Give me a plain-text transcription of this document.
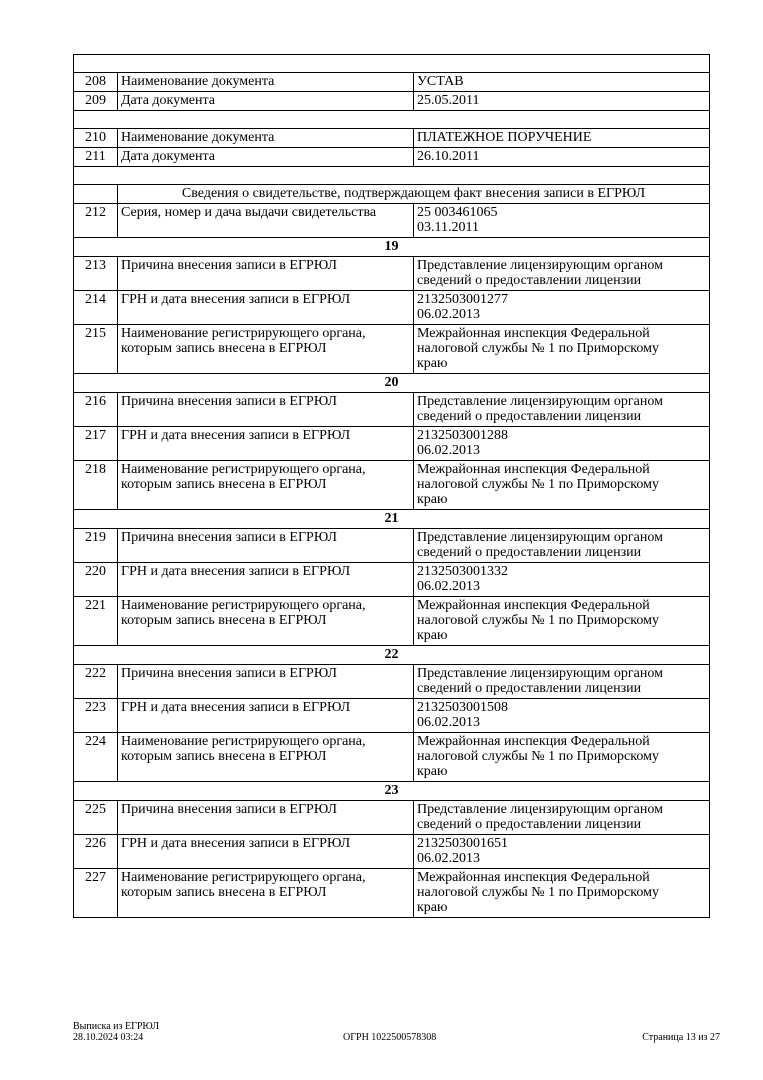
208	Наименование документа	УСТАВ
209	Дата документа	25.05.2011

210	Наименование документа	ПЛАТЕЖНОЕ ПОРУЧЕНИЕ
211	Дата документа	26.10.2011

	Сведения о свидетельстве, подтверждающем факт внесения записи в ЕГРЮЛ	
212	Серия, номер и дача выдачи свидетельства	25 003461065
03.11.2011

19		
213	Причина внесения записи в ЕГРЮЛ	Представление лицензирующим органом
сведений о предоставлении лицензии

214	ГРН и дата внесения записи в ЕГРЮЛ	2132503001277
06.02.2013

215	Наименование регистрирующего органа,
которым запись внесена в ЕГРЮЛ	Межрайонная инспекция Федеральной
налоговой службы № 1 по Приморскому
краю

20		
216	Причина внесения записи в ЕГРЮЛ	Представление лицензирующим органом
сведений о предоставлении лицензии

217	ГРН и дата внесения записи в ЕГРЮЛ	2132503001288
06.02.2013

218	Наименование регистрирующего органа,
которым запись внесена в ЕГРЮЛ	Межрайонная инспекция Федеральной
налоговой службы № 1 по Приморскому
краю

21		
219	Причина внесения записи в ЕГРЮЛ	Представление лицензирующим органом
сведений о предоставлении лицензии

220	ГРН и дата внесения записи в ЕГРЮЛ	2132503001332
06.02.2013

221	Наименование регистрирующего органа,
которым запись внесена в ЕГРЮЛ	Межрайонная инспекция Федеральной
налоговой службы № 1 по Приморскому
краю

22		
222	Причина внесения записи в ЕГРЮЛ	Представление лицензирующим органом
сведений о предоставлении лицензии

223	ГРН и дата внесения записи в ЕГРЮЛ	2132503001508
06.02.2013

224	Наименование регистрирующего органа,
которым запись внесена в ЕГРЮЛ	Межрайонная инспекция Федеральной
налоговой службы № 1 по Приморскому
краю

23		
225	Причина внесения записи в ЕГРЮЛ	Представление лицензирующим органом
сведений о предоставлении лицензии

226	ГРН и дата внесения записи в ЕГРЮЛ	2132503001651
06.02.2013

227	Наименование регистрирующего органа,
которым запись внесена в ЕГРЮЛ	Межрайонная инспекция Федеральной
налоговой службы № 1 по Приморскому
краю
Выписка из ЕГРЮЛ
28.10.2024 03:24	ОГРН 1022500578308	Страница 13 из 27
